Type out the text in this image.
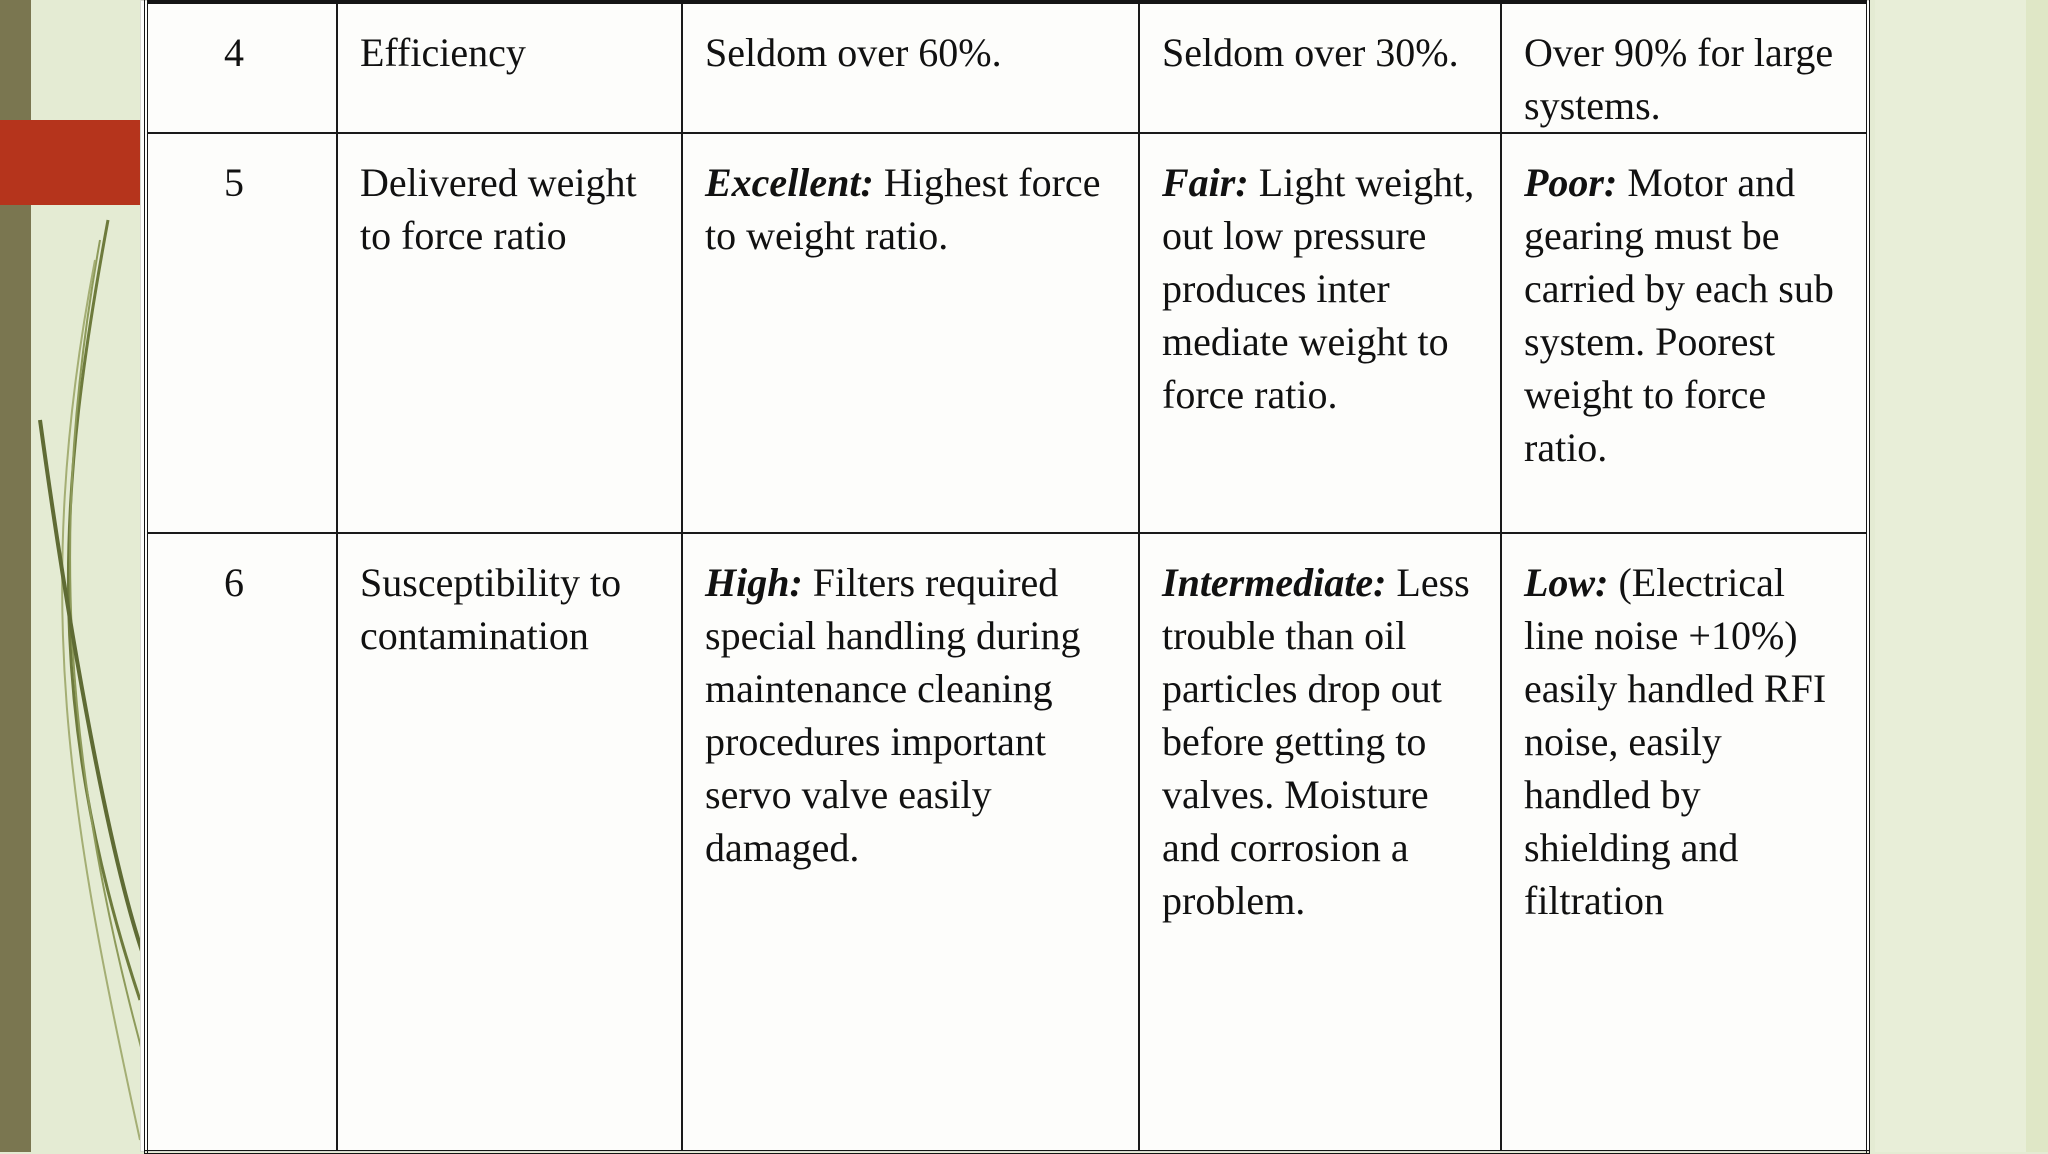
4	Efficiency	Seldom over 60%.	Seldom over 30%.	Over 90% for large systems.
5	Delivered weight to force ratio	Excellent: Highest force to weight ratio.	Fair: Light weight, out low pressure produces inter mediate weight to force ratio.	Poor: Motor and gearing must be carried by each sub system. Poorest weight to force ratio.
6	Susceptibility to contamination	High: Filters required special handling during maintenance cleaning procedures important servo valve easily damaged.	Intermediate: Less trouble than oil particles drop out before getting to valves. Moisture and corrosion a problem.	Low: (Electrical line noise +10%) easily handled RFI noise, easily handled by shielding and filtration
